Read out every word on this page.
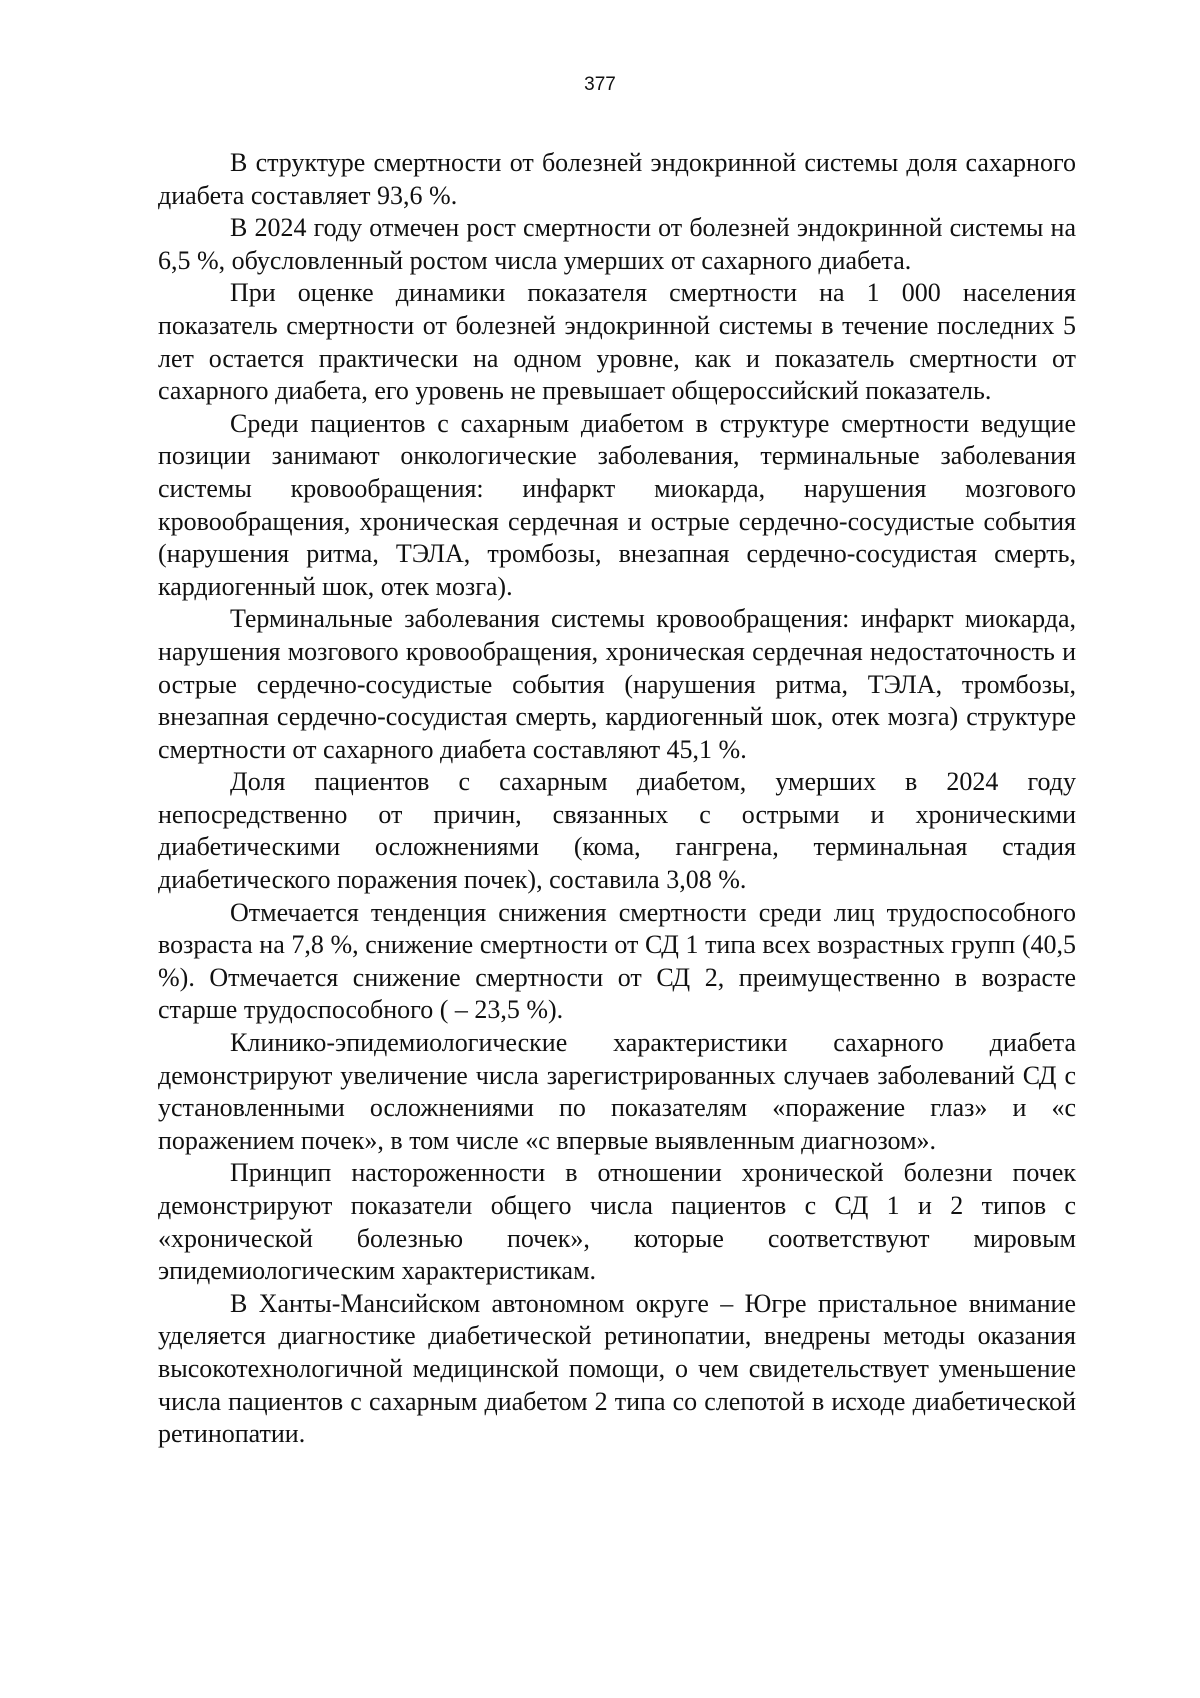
377

В структуре смертности от болезней эндокринной системы доля сахарного диабета составляет 93,6 %.

В 2024 году отмечен рост смертности от болезней эндокринной системы на 6,5 %, обусловленный ростом числа умерших от сахарного диабета.

При оценке динамики показателя смертности на 1 000 населения показатель смертности от болезней эндокринной системы в течение последних 5 лет остается практически на одном уровне, как и показатель смертности от сахарного диабета, его уровень не превышает общероссийский показатель.

Среди пациентов с сахарным диабетом в структуре смертности ведущие позиции занимают онкологические заболевания, терминальные заболевания системы кровообращения: инфаркт миокарда, нарушения мозгового кровообращения, хроническая сердечная и острые сердечно-сосудистые события (нарушения ритма, ТЭЛА, тромбозы, внезапная сердечно-сосудистая смерть, кардиогенный шок, отек мозга).

Терминальные заболевания системы кровообращения: инфаркт миокарда, нарушения мозгового кровообращения, хроническая сердечная недостаточность и острые сердечно-сосудистые события (нарушения ритма, ТЭЛА, тромбозы, внезапная сердечно-сосудистая смерть, кардиогенный шок, отек мозга) структуре смертности от сахарного диабета составляют 45,1 %.

Доля пациентов с сахарным диабетом, умерших в 2024 году непосредственно от причин, связанных с острыми и хроническими диабетическими осложнениями (кома, гангрена, терминальная стадия диабетического поражения почек), составила 3,08 %.

Отмечается тенденция снижения смертности среди лиц трудоспособного возраста на 7,8 %, снижение смертности от СД 1 типа всех возрастных групп (40,5 %). Отмечается снижение смертности от СД 2, преимущественно в возрасте старше трудоспособного ( – 23,5 %).

Клинико-эпидемиологические характеристики сахарного диабета демонстрируют увеличение числа зарегистрированных случаев заболеваний СД с установленными осложнениями по показателям «поражение глаз» и «с поражением почек», в том числе «с впервые выявленным диагнозом».

Принцип настороженности в отношении хронической болезни почек демонстрируют показатели общего числа пациентов с СД 1 и 2 типов с «хронической болезнью почек», которые соответствуют мировым эпидемиологическим характеристикам.

В Ханты-Мансийском автономном округе – Югре пристальное внимание уделяется диагностике диабетической ретинопатии, внедрены методы оказания высокотехнологичной медицинской помощи, о чем свидетельствует уменьшение числа пациентов с сахарным диабетом 2 типа со слепотой в исходе диабетической ретинопатии.
